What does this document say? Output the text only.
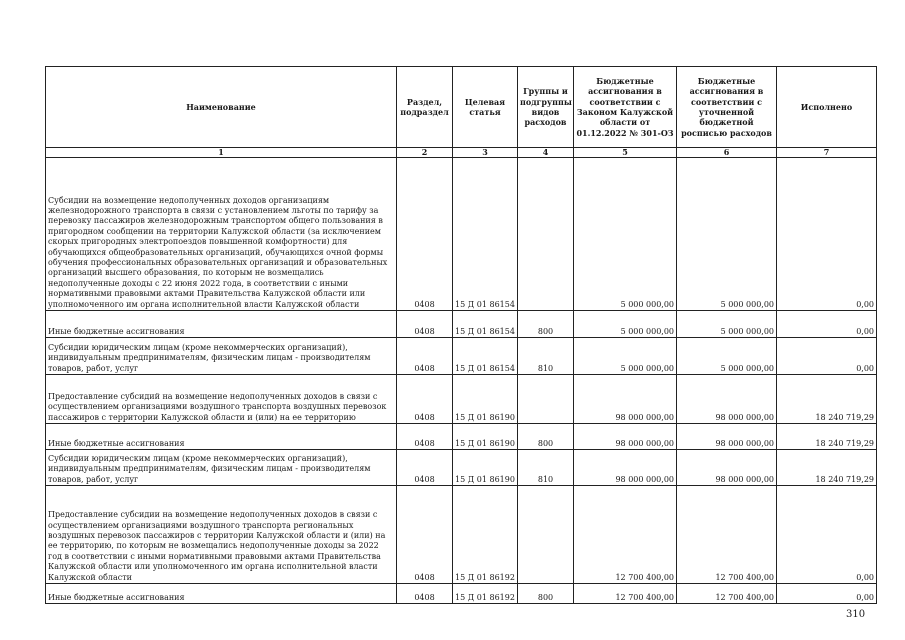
Наименование	Раздел, подраздел	Целевая статья	Группы и подгруппы видов расходов	Бюджетные ассигнования в соответствии с Законом Калужской области от 01.12.2022 № 301-ОЗ	Бюджетные ассигнования в соответствии с уточненной бюджетной росписью расходов	Исполнено
1	2	3	4	5	6	7
Субсидии на возмещение недополученных доходов организациям железнодорожного транспорта в связи с установлением льготы по тарифу за перевозку пассажиров железнодорожным транспортом общего пользования в пригородном сообщении на территории Калужской области (за исключением скорых пригородных электропоездов повышенной комфортности) для обучающихся общеобразовательных организаций, обучающихся очной формы обучения профессиональных образовательных организаций и образовательных организаций высшего образования, по которым не возмещались недополученные доходы с 22 июня 2022 года, в соответствии с иными нормативными правовыми актами Правительства Калужской области или уполномоченного им органа исполнительной власти Калужской области	0408	15 Д 01 86154		5 000 000,00	5 000 000,00	0,00
Иные бюджетные ассигнования	0408	15 Д 01 86154	800	5 000 000,00	5 000 000,00	0,00
Субсидии юридическим лицам (кроме некоммерческих организаций), индивидуальным предпринимателям, физическим лицам - производителям товаров, работ, услуг	0408	15 Д 01 86154	810	5 000 000,00	5 000 000,00	0,00
Предоставление субсидий на возмещение недополученных доходов в связи с осуществлением организациями воздушного транспорта воздушных перевозок пассажиров с территории Калужской области и (или) на ее территорию	0408	15 Д 01 86190		98 000 000,00	98 000 000,00	18 240 719,29
Иные бюджетные ассигнования	0408	15 Д 01 86190	800	98 000 000,00	98 000 000,00	18 240 719,29
Субсидии юридическим лицам (кроме некоммерческих организаций), индивидуальным предпринимателям, физическим лицам - производителям товаров, работ, услуг	0408	15 Д 01 86190	810	98 000 000,00	98 000 000,00	18 240 719,29
Предоставление субсидии на возмещение недополученных доходов в связи с осуществлением организациями воздушного транспорта региональных воздушных перевозок пассажиров с территории Калужской области и (или) на ее территорию, по которым не возмещались недополученные доходы за 2022 год в соответствии с иными нормативными правовыми актами Правительства Калужской области или уполномоченного им органа исполнительной власти Калужской области	0408	15 Д 01 86192		12 700 400,00	12 700 400,00	0,00
Иные бюджетные ассигнования	0408	15 Д 01 86192	800	12 700 400,00	12 700 400,00	0,00
310
